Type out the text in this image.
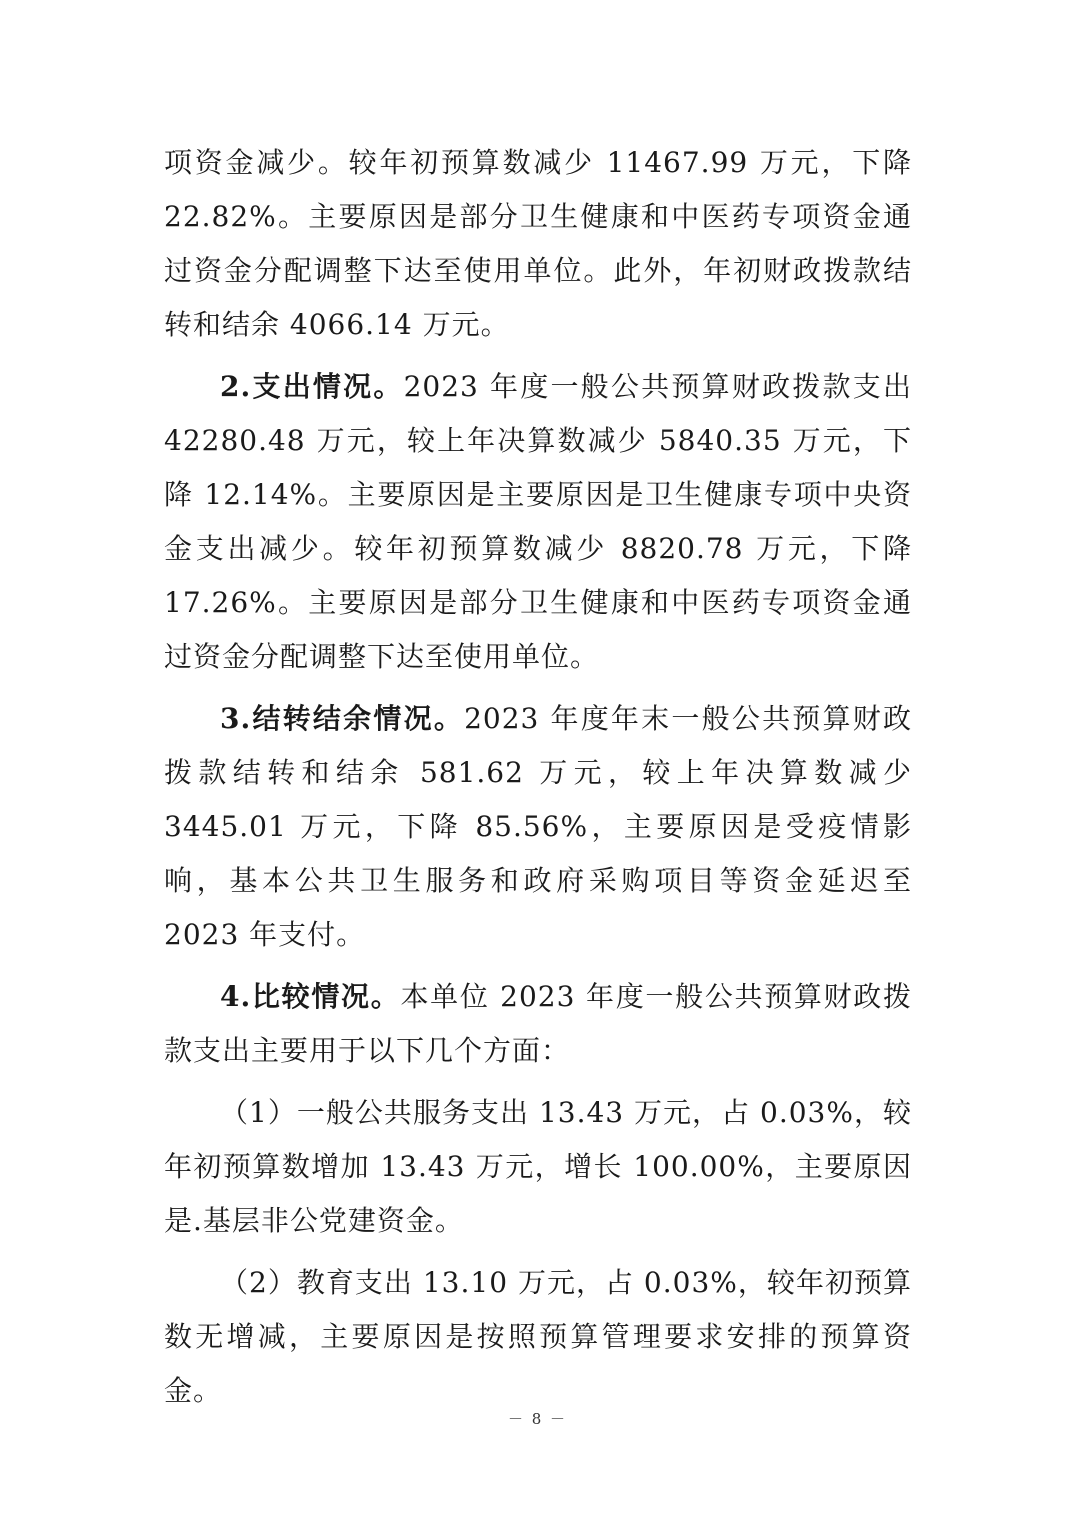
项资金减少。较年初预算数减少 11467.99 万元，下降 22.82%。主要原因是部分卫生健康和中医药专项资金通过资金分配调整下达至使用单位。此外，年初财政拨款结转和结余 4066.14 万元。

2.支出情况。2023 年度一般公共预算财政拨款支出 42280.48 万元，较上年决算数减少 5840.35 万元，下降 12.14%。主要原因是主要原因是卫生健康专项中央资金支出减少。较年初预算数减少 8820.78 万元，下降 17.26%。主要原因是部分卫生健康和中医药专项资金通过资金分配调整下达至使用单位。

3.结转结余情况。2023 年度年末一般公共预算财政拨款结转和结余 581.62 万元，较上年决算数减少 3445.01 万元，下降 85.56%，主要原因是受疫情影响，基本公共卫生服务和政府采购项目等资金延迟至 2023 年支付。

4.比较情况。本单位 2023 年度一般公共预算财政拨款支出主要用于以下几个方面：

（1）一般公共服务支出 13.43 万元，占 0.03%，较年初预算数增加 13.43 万元，增长 100.00%，主要原因是.基层非公党建资金。

（2）教育支出 13.10 万元，占 0.03%，较年初预算数无增减，主要原因是按照预算管理要求安排的预算资金。

－ 8 －
